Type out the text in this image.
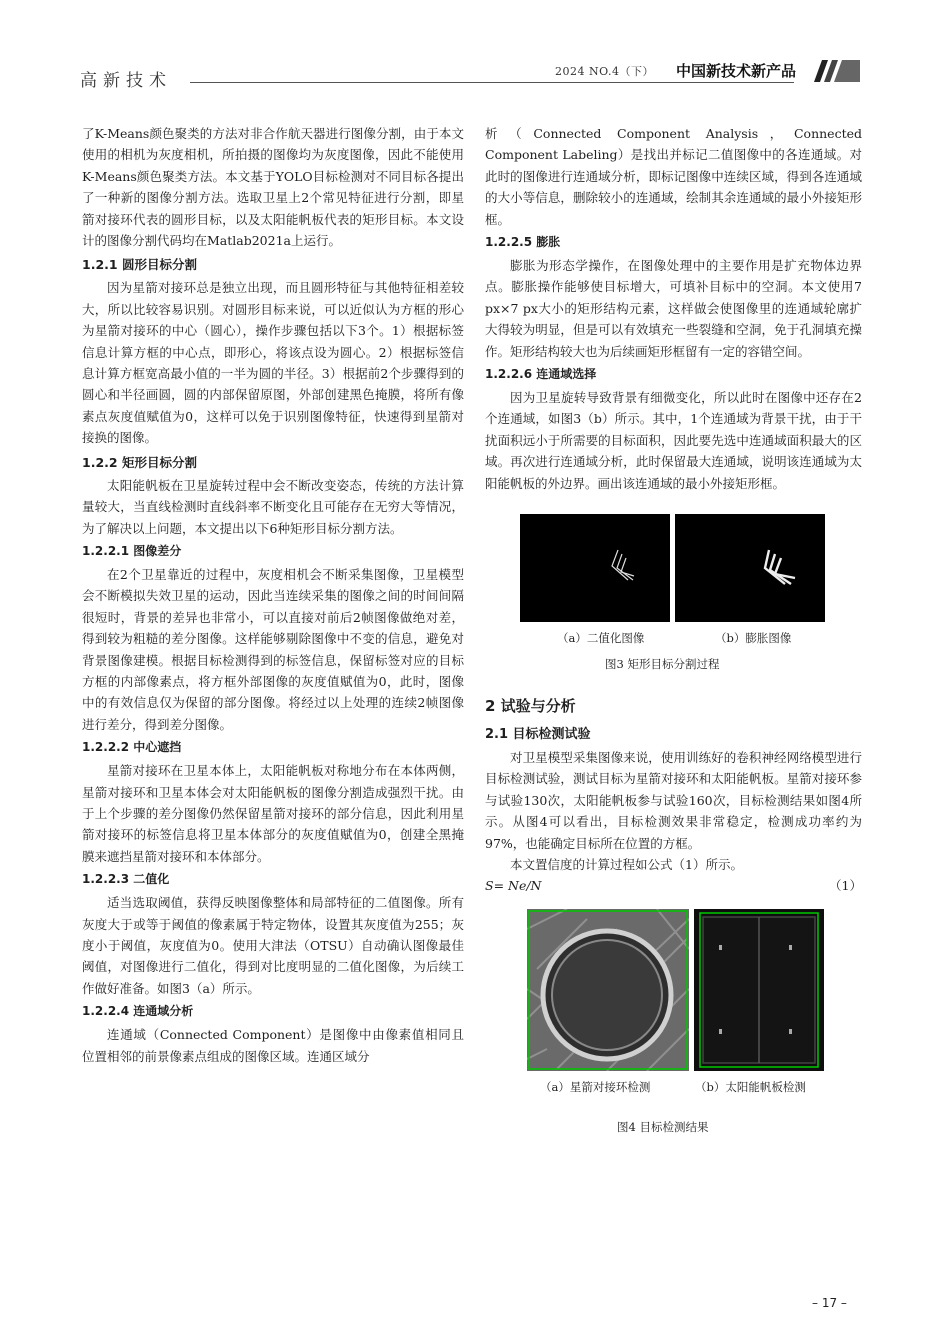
高新技术	2024 NO.4（下） 中国新技术新产品

了K-Means颜色聚类的方法对非合作航天器进行图像分割，由于本文使用的相机为灰度相机，所拍摄的图像均为灰度图像，因此不能使用K-Means颜色聚类方法。本文基于YOLO目标检测对不同目标各提出了一种新的图像分割方法。选取卫星上2个常见特征进行分割，即星箭对接环代表的圆形目标，以及太阳能帆板代表的矩形目标。本文设计的图像分割代码均在Matlab2021a上运行。

1.2.1 圆形目标分割

因为星箭对接环总是独立出现，而且圆形特征与其他特征相差较大，所以比较容易识别。对圆形目标来说，可以近似认为方框的形心为星箭对接环的中心（圆心），操作步骤包括以下3个。1）根据标签信息计算方框的中心点，即形心，将该点设为圆心。2）根据标签信息计算方框宽高最小值的一半为圆的半径。3）根据前2个步骤得到的圆心和半径画圆，圆的内部保留原图，外部创建黑色掩膜，将所有像素点灰度值赋值为0，这样可以免于识别图像特征，快速得到星箭对接换的图像。

1.2.2 矩形目标分割

太阳能帆板在卫星旋转过程中会不断改变姿态，传统的方法计算量较大，当直线检测时直线斜率不断变化且可能存在无穷大等情况，为了解决以上问题，本文提出以下6种矩形目标分割方法。

1.2.2.1 图像差分

在2个卫星靠近的过程中，灰度相机会不断采集图像，卫星模型会不断模拟失效卫星的运动，因此当连续采集的图像之间的时间间隔很短时，背景的差异也非常小，可以直接对前后2帧图像做绝对差，得到较为粗糙的差分图像。这样能够剔除图像中不变的信息，避免对背景图像建模。根据目标检测得到的标签信息，保留标签对应的目标方框的内部像素点，将方框外部图像的灰度值赋值为0，此时，图像中的有效信息仅为保留的部分图像。将经过以上处理的连续2帧图像进行差分，得到差分图像。

1.2.2.2 中心遮挡

星箭对接环在卫星本体上，太阳能帆板对称地分布在本体两侧，星箭对接环和卫星本体会对太阳能帆板的图像分割造成强烈干扰。由于上个步骤的差分图像仍然保留星箭对接环的部分信息，因此利用星箭对接环的标签信息将卫星本体部分的灰度值赋值为0，创建全黑掩膜来遮挡星箭对接环和本体部分。

1.2.2.3 二值化

适当选取阈值，获得反映图像整体和局部特征的二值图像。所有灰度大于或等于阈值的像素属于特定物体，设置其灰度值为255；灰度小于阈值，灰度值为0。使用大津法（OTSU）自动确认图像最佳阈值，对图像进行二值化，得到对比度明显的二值化图像，为后续工作做好准备。如图3（a）所示。

1.2.2.4 连通域分析

连通域（Connected Component）是图像中由像素值相同且位置相邻的前景像素点组成的图像区域。连通区域分

析（Connected Component Analysis，Connected Component Labeling）是找出并标记二值图像中的各连通域。对此时的图像进行连通域分析，即标记图像中连续区域，得到各连通域的大小等信息，删除较小的连通域，绘制其余连通域的最小外接矩形框。

1.2.2.5 膨胀

膨胀为形态学操作，在图像处理中的主要作用是扩充物体边界点。膨胀操作能够使目标增大，可填补目标中的空洞。本文使用7 px×7 px大小的矩形结构元素，这样做会使图像里的连通域轮廓扩大得较为明显，但是可以有效填充一些裂缝和空洞，免于孔洞填充操作。矩形结构较大也为后续画矩形框留有一定的容错空间。

1.2.2.6 连通域选择

因为卫星旋转导致背景有细微变化，所以此时在图像中还存在2个连通域，如图3（b）所示。其中，1个连通域为背景干扰，由于干扰面积远小于所需要的目标面积，因此要先选中连通域面积最大的区域。再次进行连通域分析，此时保留最大连通域，说明该连通域为太阳能帆板的外边界。画出该连通域的最小外接矩形框。

（a）二值化图像	（b）膨胀图像
图3 矩形目标分割过程
2 试验与分析
2.1 目标检测试验

对卫星模型采集图像来说，使用训练好的卷积神经网络模型进行目标检测试验，测试目标为星箭对接环和太阳能帆板。星箭对接环参与试验130次，太阳能帆板参与试验160次，目标检测结果如图4所示。从图4可以看出，目标检测效果非常稳定，检测成功率约为97%，也能确定目标所在位置的方框。

本文置信度的计算过程如公式（1）所示。

S= Ne/N	（1）
（a）星箭对接环检测	（b）太阳能帆板检测
图4 目标检测结果
– 17 –
